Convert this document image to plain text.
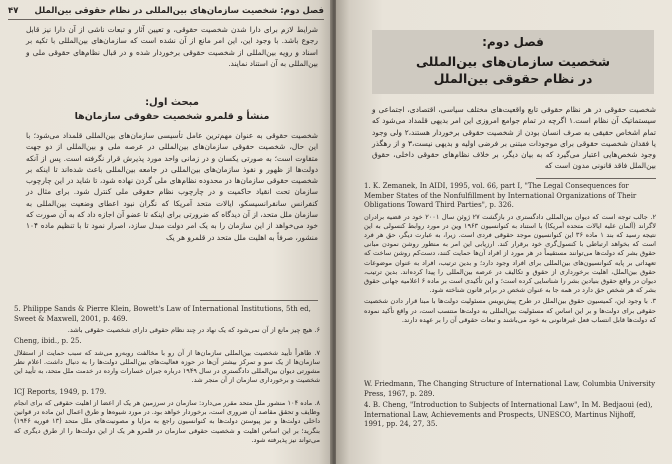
فصل دوم: شخصیت سازمان‌های بین‌المللی در نظام حقوقی بین‌الملل
۴۷
شرایط لازم برای دارا شدن شخصیت حقوقی، و تعیین آثار و تبعات ناشی از آن دارا نیز قابل رجوع باشد. با وجود این، این امر مانع از آن نشده است که سازمان‌های بین‌المللی با تکیه بر اسناد و رویه بین‌المللی از شخصیت حقوقی برخوردار شده و در قبال نظام‌های حقوقی ملی و بین‌المللی به آن استناد نمایند.
مبحث اول:
منشأ و قلمرو شخصیت حقوقی سازمان‌ها
شخصیت حقوقی به عنوان مهم‌ترین عامل تأسیسی سازمان‌های بین‌المللی قلمداد می‌شود؛ با این حال، شخصیت حقوقی سازمان‌های بین‌المللی در عرصه ملی و بین‌المللی از دو جهت متفاوت است؛ به صورتی یکسان و در زمانی واحد مورد پذیرش قرار نگرفته است. پس از آنکه دولت‌ها از ظهور و نفوذ سازمان‌های بین‌المللی در جامعه بین‌المللی باعث شده‌اند تا اینکه بر شخصیت حقوقی سازمان‌ها در محدوده نظام‌های ملی گردن نهاده شود، تا شاید در این چارچوب سازمان تحت انقیاد حاکمیت و در چارچوب نظام حقوقی ملی کنترل شود. برای مثال در کنفرانس سانفرانسیسکو، ایالات متحد آمریکا که نگران نبود اعطای وضعیت بین‌المللی به سازمان ملل متحد، از آن دیدگاه که ضرورتی برای اینکه تا عضو آن اجازه داد که به آن صورت که خود می‌خواهد از این سازمان را به یک امر دولت مبدل سازد، اصرار نمود تا با تنظیم ماده ۱۰۴ منشور، صرفاً به اهلیت ملل متحد در قلمرو هر یک
5. Philippe Sands & Pierre Klein, Bowett's Law of International Institutions, 5th ed, Sweet & Maxwell, 2001, p. 469.
۶. هیچ چیز مانع از آن نمی‌شود که یک نهاد در چند نظام حقوقی دارای شخصیت حقوقی باشد.
Cheng, ibid., p. 25.
۷. ظاهراً تأیید شخصیت بین‌المللی سازمان‌ها از آن رو با مخالفت روبه‌رو می‌شد که سبب حمایت از استقلال سازمان‌ها از یک سو و تمرکز بیشتر آن‌ها در حوزه فعالیت‌های بین‌المللی دولت‌ها را به دنبال داشت. اعلام نظر مشورتی دیوان بین‌المللی دادگستری در سال ۱۹۴۹ درباره جبران خسارات وارده در خدمت ملل متحد، به تأیید این شخصیت و برخورداری سازمان از آن منجر شد.
ICJ Reports, 1949, p. 179.
۸. ماده ۱۰۴ منشور ملل متحد مقرر می‌دارد: سازمان در سرزمین هر یک از اعضا از اهلیت حقوقی که برای انجام وظایف و تحقق مقاصد آن ضروری است، برخوردار خواهد بود. در مورد شیوه‌ها و طرق اعمال این ماده در قوانین داخلی دولت‌ها و نیز پیوستن دولت‌ها به کنوانسیون راجع به مزایا و مصونیت‌های ملل متحد (۱۳ فوریه ۱۹۴۶) بنگرید؛ بر این اساس اهلیت و شخصیت حقوقی سازمان در قلمرو هر یک از این دولت‌ها را از طرق دیگری که می‌تواند نیز پذیرفته شود.
فصل دوم:
شخصیت سازمان‌های بین‌المللی
در نظام حقوقی بین‌الملل
شخصیت حقوقی در هر نظام حقوقی تابع واقعیت‌های مختلف سیاسی، اقتصادی، اجتماعی و سیستماتیک آن نظام است.۱ اگرچه در تمام جوامع امروزی این امر بدیهی قلمداد می‌شود که تمام اشخاص حقیقی به صرف انسان بودن از شخصیت حقوقی برخوردار هستند،۲ ولی وجود یا فقدان شخصیت حقوقی برای موجودات مبتنی بر فرضی اولیه و بدیهی نیست،۳ و از رهگذر وجود شخص‌هایی اعتبار می‌گیرد که به بیان دیگر، بر خلاف نظام‌های حقوقی داخلی، حقوق بین‌الملل فاقد قانونی مدون است که
1. K. Zemanek, In AIDI, 1995, vol. 66, part I, "The Legal Consequences for Member States of the Nonfulfillment by International Organizations of Their Obligations Toward Third Parties", p. 326.
۲. جالب توجه است که دیوان بین‌المللی دادگستری در بازگشت ۲۷ ژوئن سال ۲۰۰۱ خود در قضیه برادران لاگراند (آلمان علیه ایالات متحده آمریکا) با استناد به کنوانسیون ۱۹۶۳ وین در مورد روابط کنسولی به این نتیجه رسید که بند ۱ ماده ۳۶ این کنوانسیون موجد حقوقی فردی است. زیرا، به عبارت دیگر، حق هر فرد است که بخواهد ارتباطی با کنسول‌گری خود برقرار کند. ارزیابی این امر به منظور روشن نمودن مبانی حقوق بشر که دولت‌ها می‌توانند مستقیماً در هر مورد از افراد آن‌ها حمایت کنند، دست‌کم روشن ساخت که تعهداتی بر پایه کنوانسیون‌های بین‌المللی برای افراد وجود دارد؛ و بدین ترتیب، افراد به عنوان موضوعات حقوق بین‌الملل، اهلیت برخورداری از حقوق و تکالیف در عرصه بین‌المللی را پیدا کرده‌اند. بدین ترتیب، دیوان در واقع حقوق بنیادین بشر را شناسایی کرده است؛ و این تأکیدی است بر ماده ۶ اعلامیه جهانی حقوق بشر که هر شخص حق دارد در همه جا به عنوان شخص در برابر قانون شناخته شود.
۳. با وجود این، کمیسیون حقوق بین‌الملل در طرح پیش‌نویس مسئولیت دولت‌ها با مبنا قرار دادن شخصیت حقوقی برای دولت‌ها و بر این اساس که مسئولیت بین‌المللی به دولت‌ها منتسب است، در واقع تأکید نموده که دولت‌ها قابل انتساب فعل غیرقانونی به خود می‌باشند و تبعات حقوقی آن را بر عهده دارند.
W. Friedmann, The Changing Structure of International Law, Columbia University Press, 1967, p. 289.
4. B. Cheng, "Introduction to Subjects of International Law", In M. Bedjaoui (ed), International Law, Achievements and Prospects, UNESCO, Martinus Nijhoff, 1991, pp. 24, 27, 35.
